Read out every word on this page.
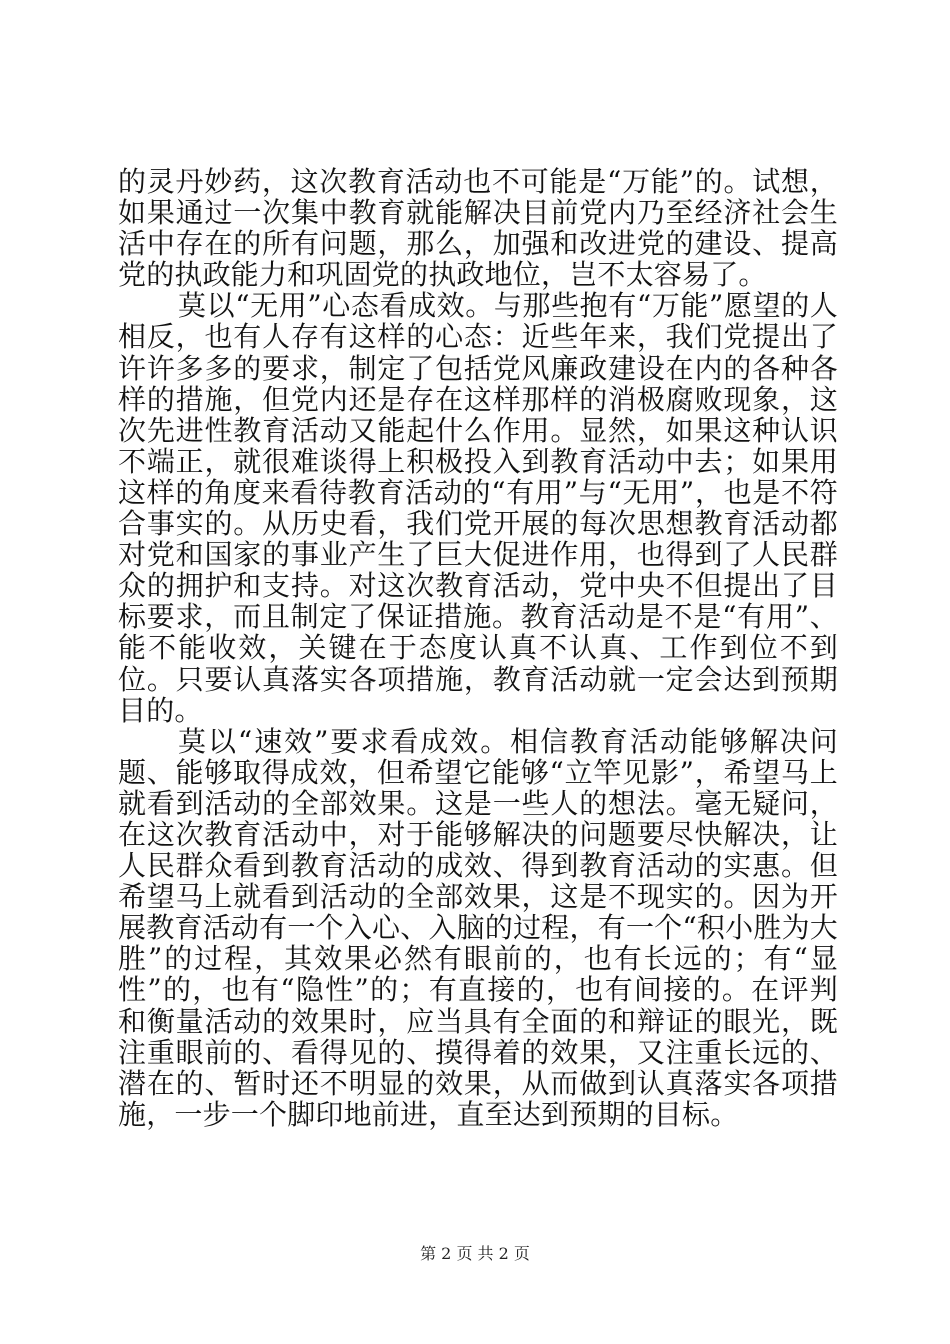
的灵丹妙药，这次教育活动也不可能是“万能”的。试想，如果通过一次集中教育就能解决目前党内乃至经济社会生活中存在的所有问题，那么，加强和改进党的建设、提高党的执政能力和巩固党的执政地位，岂不太容易了。

莫以“无用”心态看成效。与那些抱有“万能”愿望的人相反，也有人存有这样的心态：近些年来，我们党提出了许许多多的要求，制定了包括党风廉政建设在内的各种各样的措施，但党内还是存在这样那样的消极腐败现象，这次先进性教育活动又能起什么作用。显然，如果这种认识不端正，就很难谈得上积极投入到教育活动中去；如果用这样的角度来看待教育活动的“有用”与“无用”，也是不符合事实的。从历史看，我们党开展的每次思想教育活动都对党和国家的事业产生了巨大促进作用，也得到了人民群众的拥护和支持。对这次教育活动，党中央不但提出了目标要求，而且制定了保证措施。教育活动是不是“有用”、能不能收效，关键在于态度认真不认真、工作到位不到位。只要认真落实各项措施，教育活动就一定会达到预期目的。

莫以“速效”要求看成效。相信教育活动能够解决问题、能够取得成效，但希望它能够“立竿见影”，希望马上就看到活动的全部效果。这是一些人的想法。毫无疑问，在这次教育活动中，对于能够解决的问题要尽快解决，让人民群众看到教育活动的成效、得到教育活动的实惠。但希望马上就看到活动的全部效果，这是不现实的。因为开展教育活动有一个入心、入脑的过程，有一个“积小胜为大胜”的过程，其效果必然有眼前的，也有长远的；有“显性”的，也有“隐性”的；有直接的，也有间接的。在评判和衡量活动的效果时，应当具有全面的和辩证的眼光，既注重眼前的、看得见的、摸得着的效果，又注重长远的、潜在的、暂时还不明显的效果，从而做到认真落实各项措施，一步一个脚印地前进，直至达到预期的目标。

第 2 页 共 2 页
